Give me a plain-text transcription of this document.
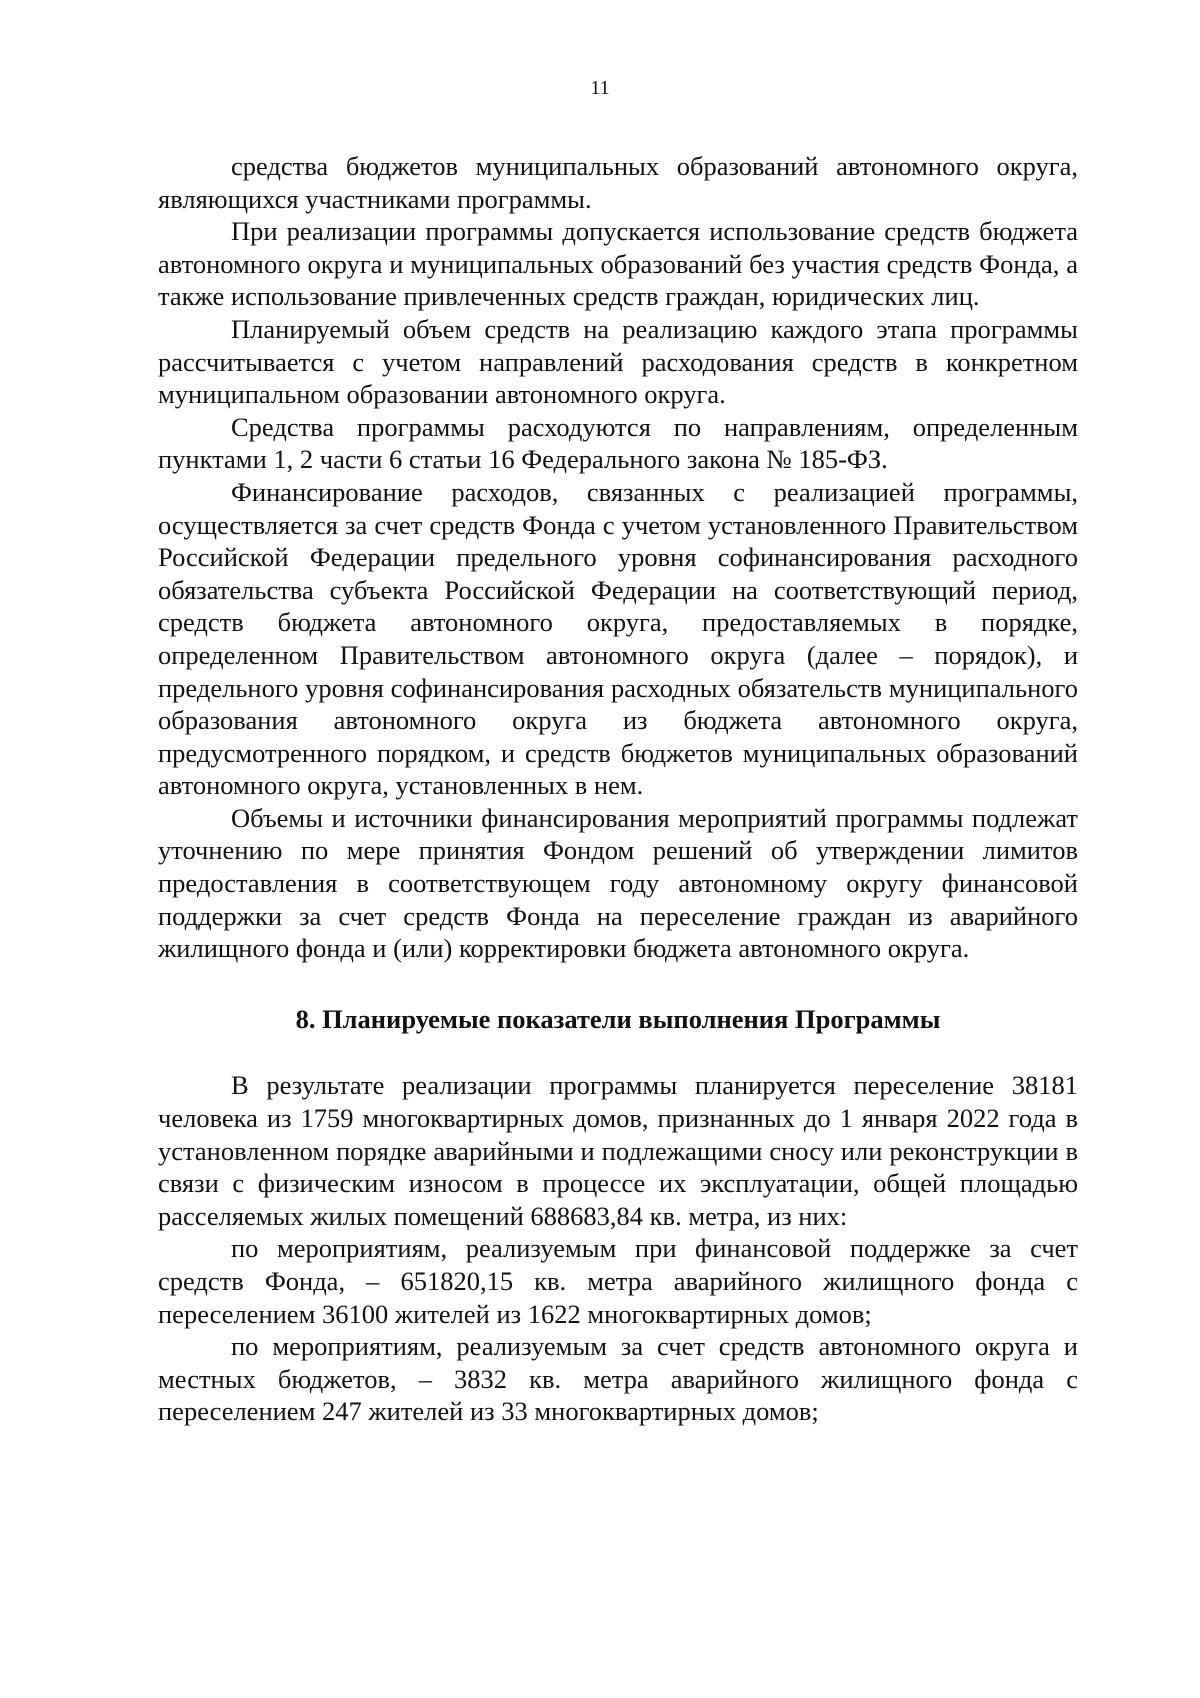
11

средства бюджетов муниципальных образований автономного округа, являющихся участниками программы.

При реализации программы допускается использование средств бюджета автономного округа и муниципальных образований без участия средств Фонда, а также использование привлеченных средств граждан, юридических лиц.

Планируемый объем средств на реализацию каждого этапа программы рассчитывается с учетом направлений расходования средств в конкретном муниципальном образовании автономного округа.

Средства программы расходуются по направлениям, определенным пунктами 1, 2 части 6 статьи 16 Федерального закона № 185-ФЗ.

Финансирование расходов, связанных с реализацией программы, осуществляется за счет средств Фонда с учетом установленного Правительством Российской Федерации предельного уровня софинансирования расходного обязательства субъекта Российской Федерации на соответствующий период, средств бюджета автономного округа, предоставляемых в порядке, определенном Правительством автономного округа (далее – порядок), и предельного уровня софинансирования расходных обязательств муниципального образования автономного округа из бюджета автономного округа, предусмотренного порядком, и средств бюджетов муниципальных образований автономного округа, установленных в нем.

Объемы и источники финансирования мероприятий программы подлежат уточнению по мере принятия Фондом решений об утверждении лимитов предоставления в соответствующем году автономному округу финансовой поддержки за счет средств Фонда на переселение граждан из аварийного жилищного фонда и (или) корректировки бюджета автономного округа.

8. Планируемые показатели выполнения Программы

В результате реализации программы планируется переселение 38181 человека из 1759 многоквартирных домов, признанных до 1 января 2022 года в установленном порядке аварийными и подлежащими сносу или реконструкции в связи с физическим износом в процессе их эксплуатации, общей площадью расселяемых жилых помещений 688683,84 кв. метра, из них:

по мероприятиям, реализуемым при финансовой поддержке за счет средств Фонда, – 651820,15 кв. метра аварийного жилищного фонда с переселением 36100 жителей из 1622 многоквартирных домов;

по мероприятиям, реализуемым за счет средств автономного округа и местных бюджетов, – 3832 кв. метра аварийного жилищного фонда с переселением 247 жителей из 33 многоквартирных домов;
